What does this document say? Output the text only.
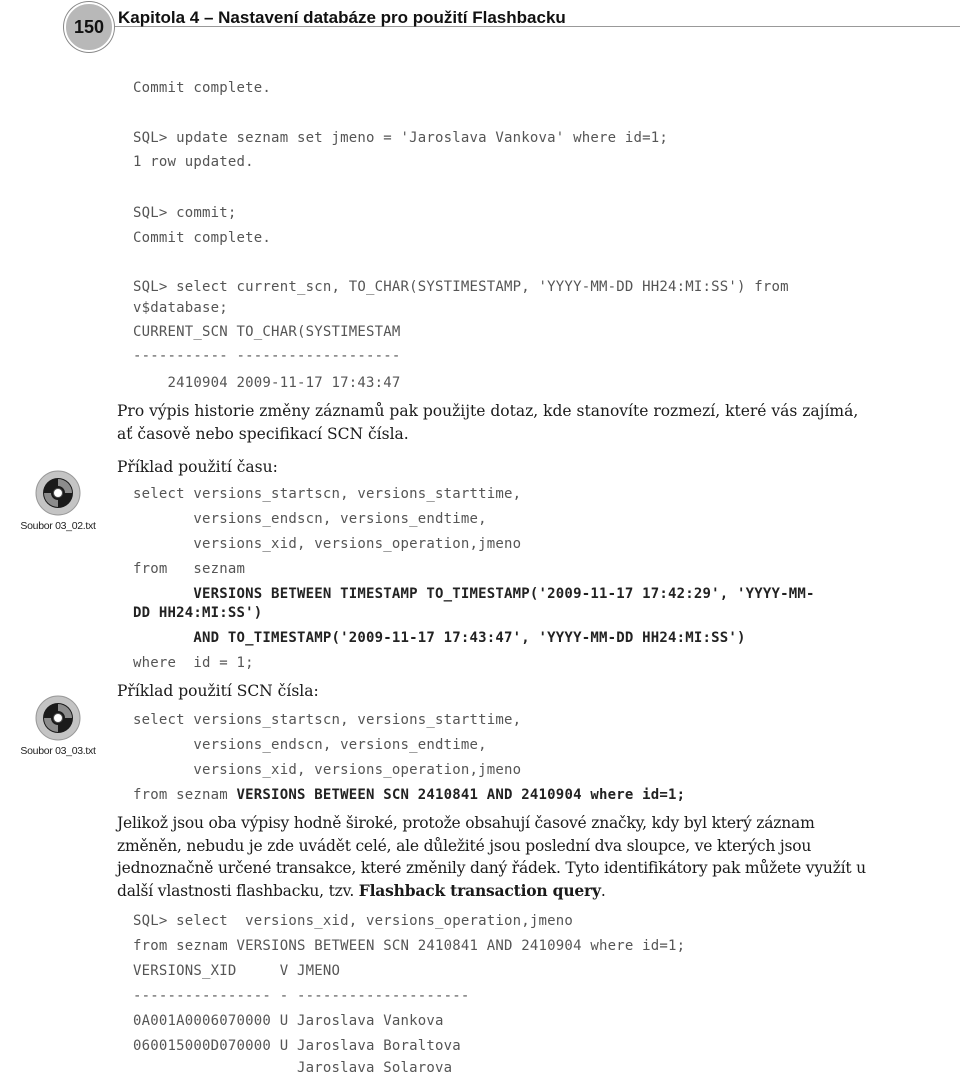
150 Kapitola 4 – Nastavení databáze pro použití Flashbacku
Soubor 03_02.txt
Soubor 03_03.txt
Commit complete.
SQL> update seznam set jmeno = 'Jaroslava Vankova' where id=1;
1 row updated.
SQL> commit;
Commit complete.
SQL> select current_scn, TO_CHAR(SYSTIMESTAMP, 'YYYY-MM-DD HH24:MI:SS') from
v$database;
CURRENT_SCN TO_CHAR(SYSTIMESTAM
----------- -------------------
2410904 2009-11-17 17:43:47

Pro výpis historie změny záznamů pak použijte dotaz, kde stanovíte rozmezí, které vás zajímá, ať časově nebo specifikací SCN čísla.

Příklad použití času:

select versions_startscn, versions_starttime,
versions_endscn, versions_endtime,
versions_xid, versions_operation,jmeno
from   seznam
VERSIONS BETWEEN TIMESTAMP TO_TIMESTAMP('2009-11-17 17:42:29', 'YYYY-MM-
DD HH24:MI:SS')
AND TO_TIMESTAMP('2009-11-17 17:43:47', 'YYYY-MM-DD HH24:MI:SS')
where  id = 1;

Příklad použití SCN čísla:

select versions_startscn, versions_starttime,
versions_endscn, versions_endtime,
versions_xid, versions_operation,jmeno
from seznam VERSIONS BETWEEN SCN 2410841 AND 2410904 where id=1;

Jelikož jsou oba výpisy hodně široké, protože obsahují časové značky, kdy byl který záznam změněn, nebudu je zde uvádět celé, ale důležité jsou poslední dva sloupce, ve kterých jsou jednoznačně určené transakce, které změnily daný řádek. Tyto identifikátory pak můžete využít u další vlastnosti flashbacku, tzv. Flashback transaction query.

SQL> select  versions_xid, versions_operation,jmeno
from seznam VERSIONS BETWEEN SCN 2410841 AND 2410904 where id=1;
VERSIONS_XID     V JMENO
---------------- - --------------------
0A001A0006070000 U Jaroslava Vankova
060015000D070000 U Jaroslava Boraltova
Jaroslava Solarova
